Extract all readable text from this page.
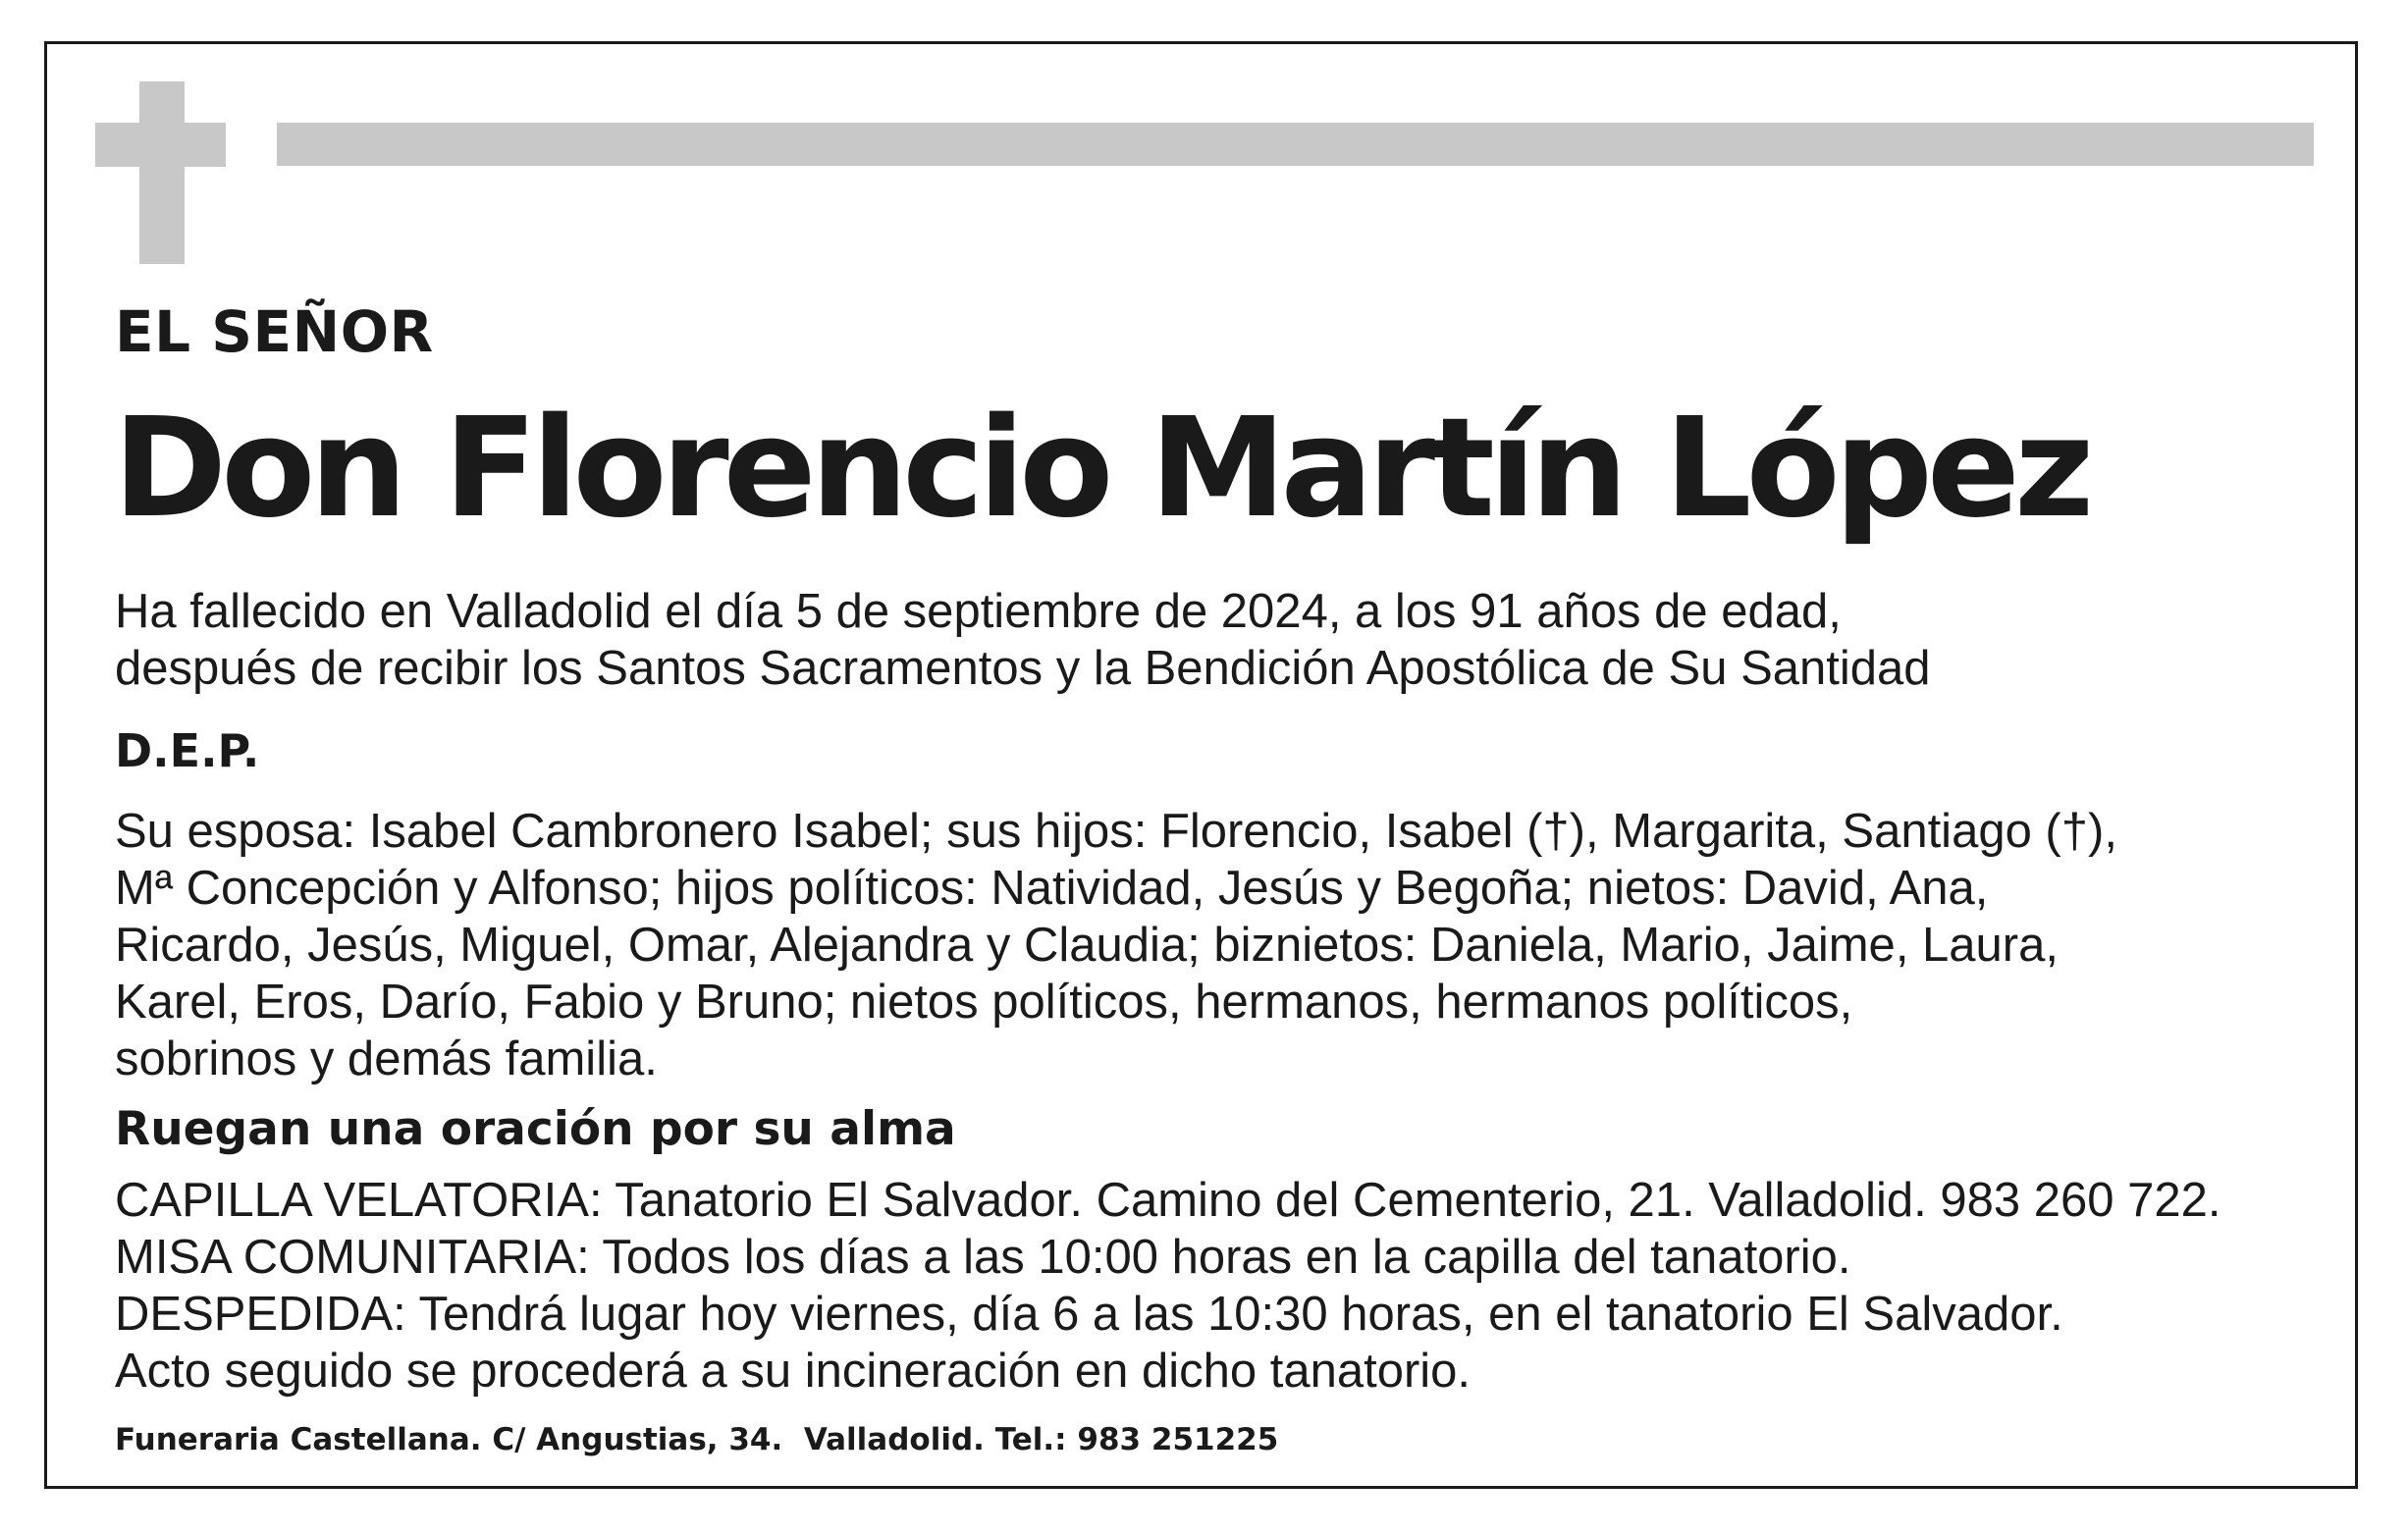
EL SEÑOR
Don Florencio Martín López
Ha fallecido en Valladolid el día 5 de septiembre de 2024, a los 91 años de edad,
después de recibir los Santos Sacramentos y la Bendición Apostólica de Su Santidad
D.E.P.
Su esposa: Isabel Cambronero Isabel; sus hijos: Florencio, Isabel (†), Margarita, Santiago (†),
Mª Concepción y Alfonso; hijos políticos: Natividad, Jesús y Begoña; nietos: David, Ana,
Ricardo, Jesús, Miguel, Omar, Alejandra y Claudia; biznietos: Daniela, Mario, Jaime, Laura,
Karel, Eros, Darío, Fabio y Bruno; nietos políticos, hermanos, hermanos políticos,
sobrinos y demás familia.
Ruegan una oración por su alma
CAPILLA VELATORIA: Tanatorio El Salvador. Camino del Cementerio, 21. Valladolid. 983 260 722.
MISA COMUNITARIA: Todos los días a las 10:00 horas en la capilla del tanatorio.
DESPEDIDA: Tendrá lugar hoy viernes, día 6 a las 10:30 horas, en el tanatorio El Salvador.
Acto seguido se procederá a su incineración en dicho tanatorio.
Funeraria Castellana. C/ Angustias, 34.  Valladolid. Tel.: 983 251225
